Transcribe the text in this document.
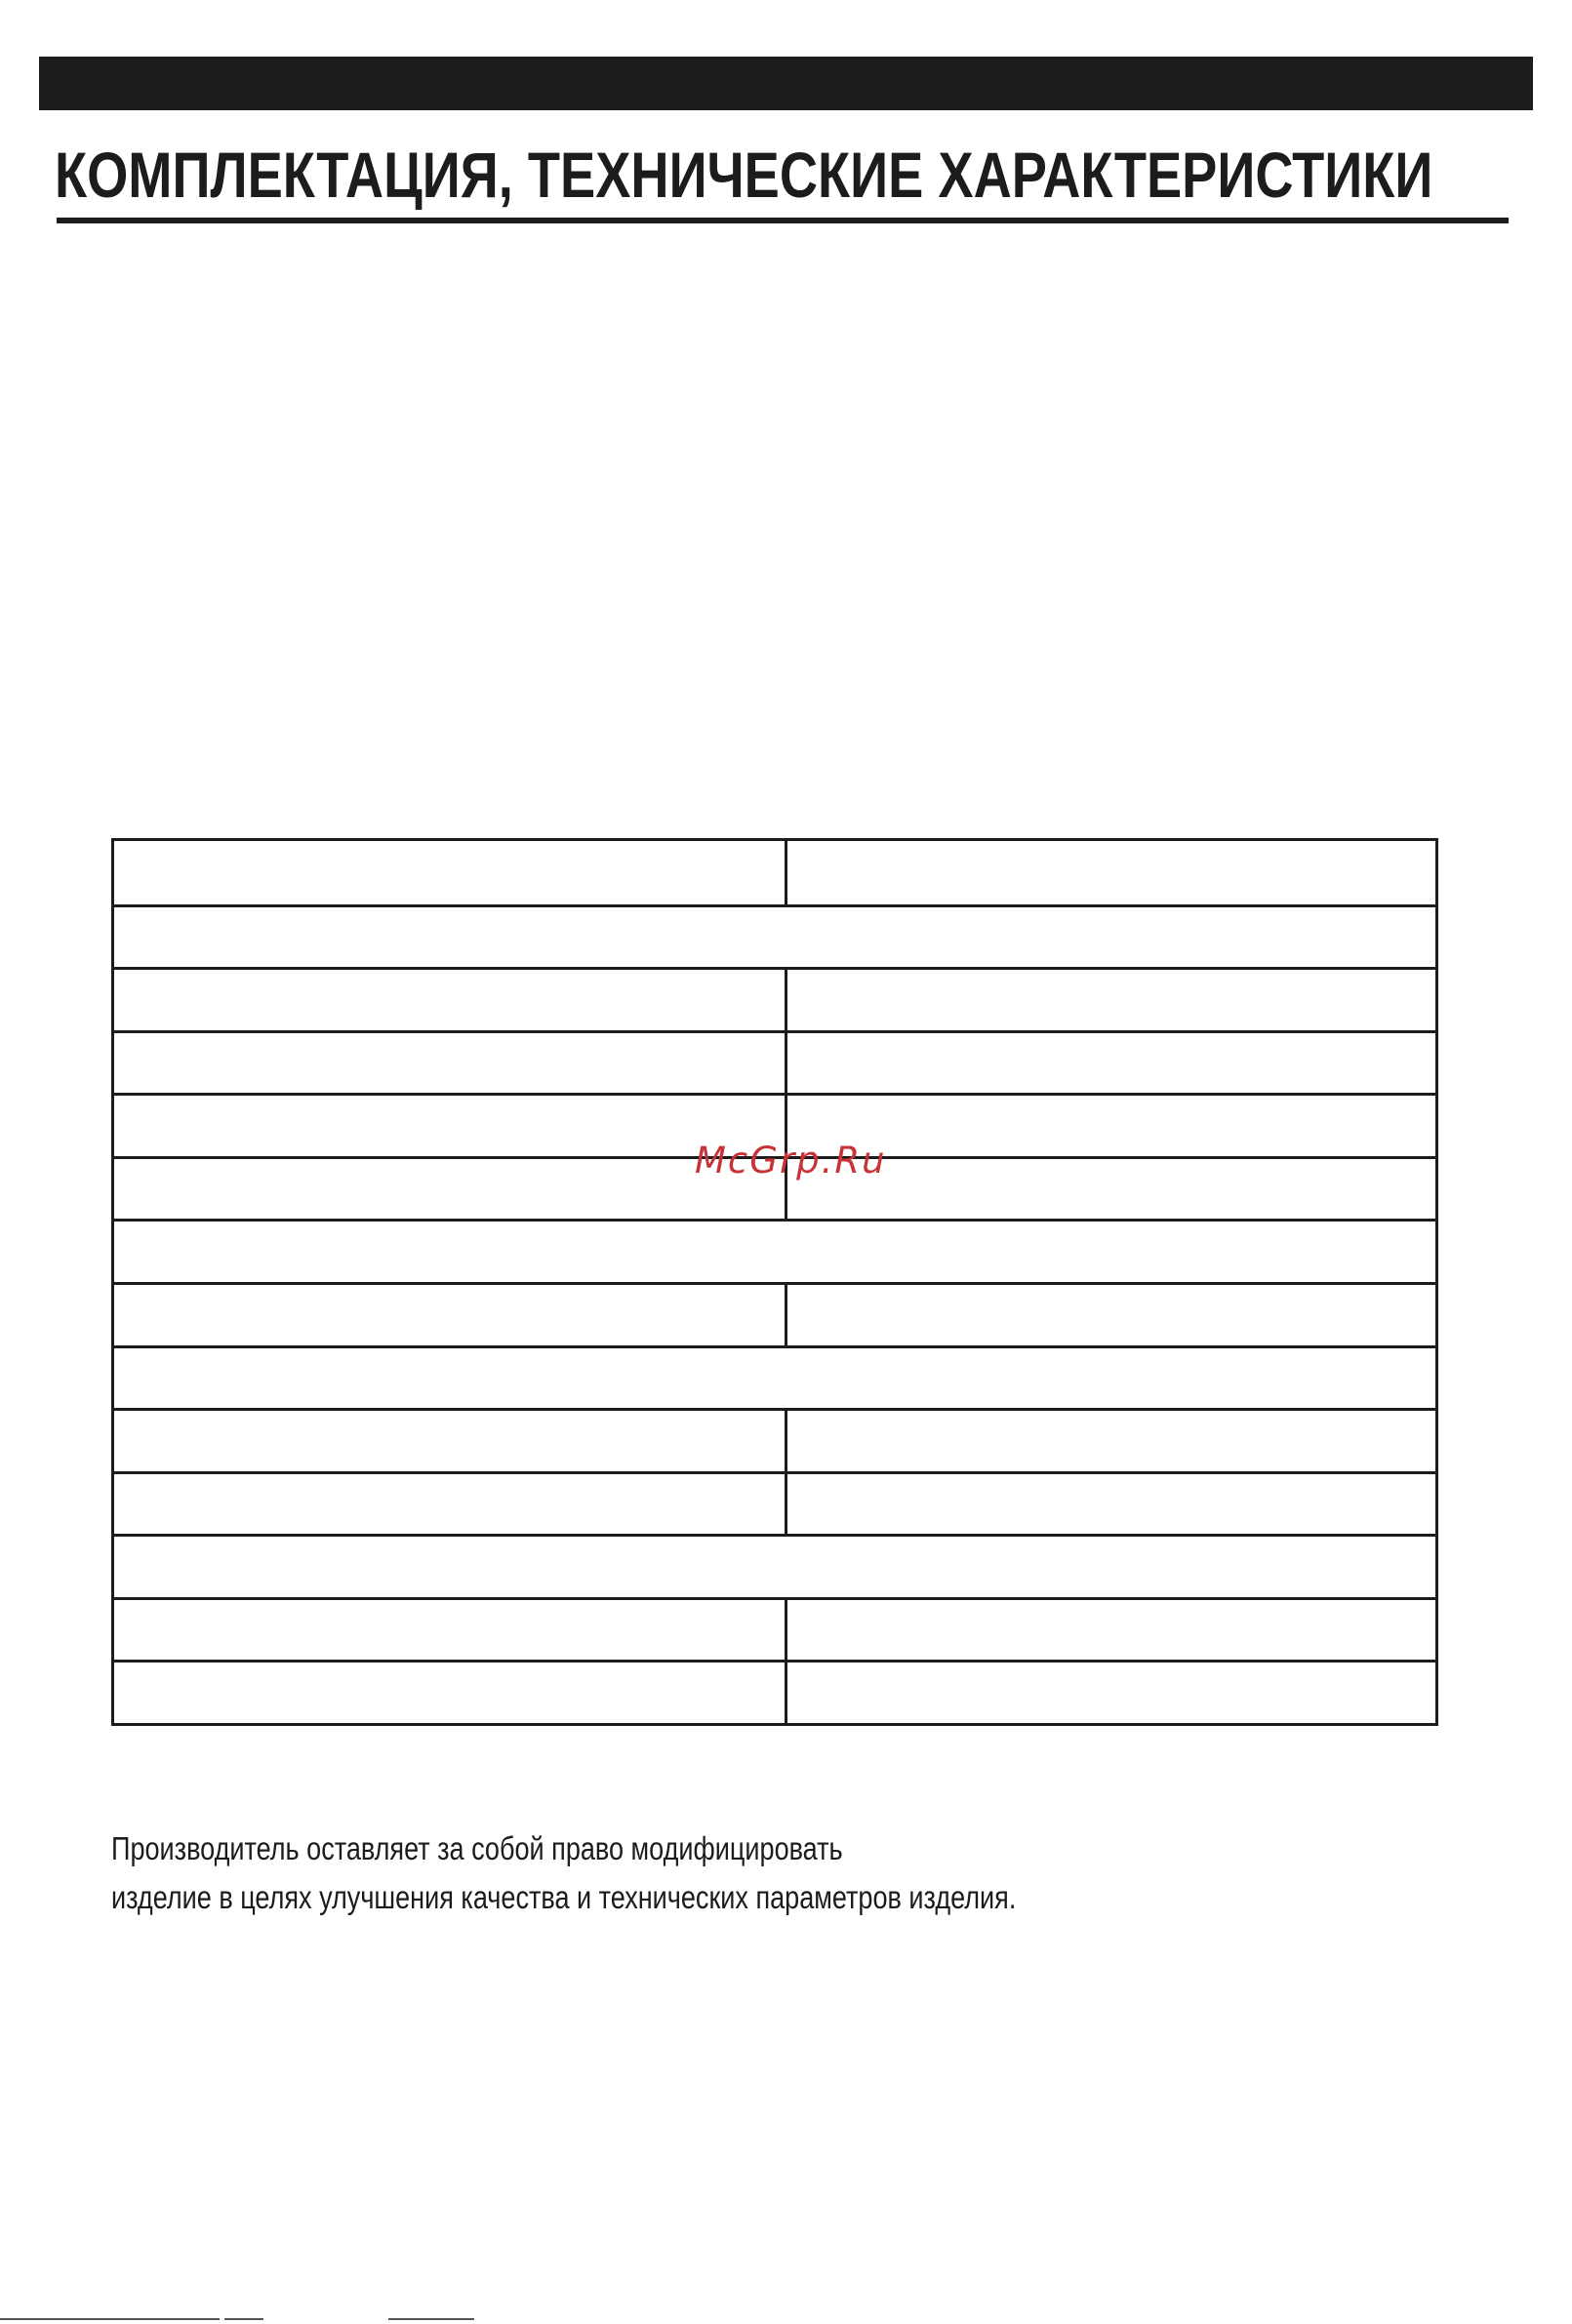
КОМПЛЕКТАЦИЯ, ТЕХНИЧЕСКИЕ ХАРАКТЕРИСТИКИ
McGrp.Ru
Производитель оставляет за собой право модифицировать
изделие в целях улучшения качества и технических параметров изделия.
